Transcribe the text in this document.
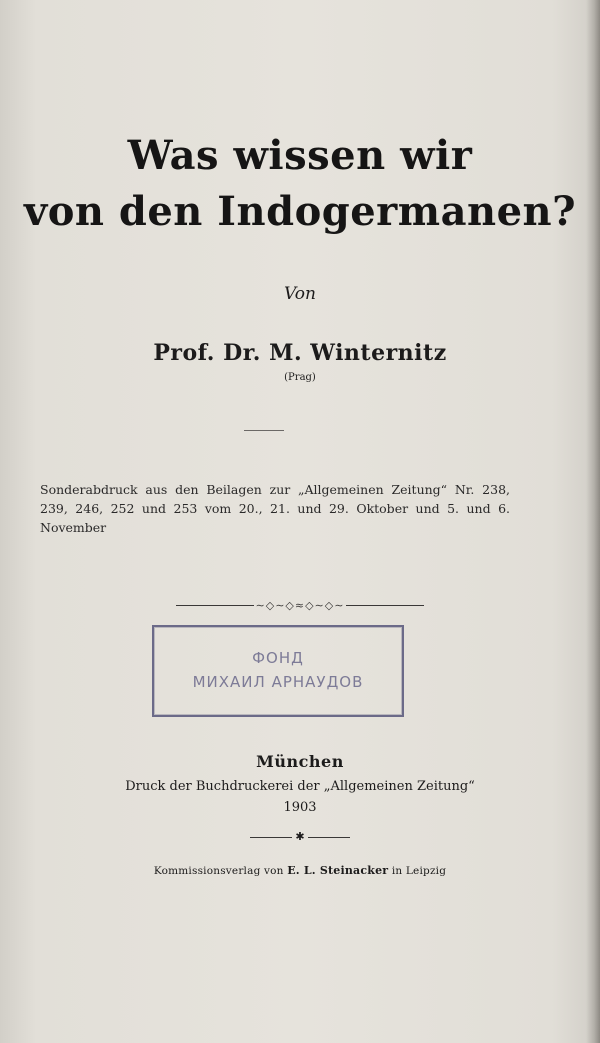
Was wissen wir
von den Indogermanen?
Von
Prof. Dr. M. Winternitz
(Prag)
Sonderabdruck aus den Beilagen zur „Allgemeinen Zeitung“ Nr. 238, 239, 246, 252 und 253 vom 20., 21. und 29. Oktober und 5. und 6. November
∼◇∼◇≈◇∼◇∼
ФОНД
МИХАИЛ АРНАУДОВ
München
Druck der Buchdruckerei der „Allgemeinen Zeitung“
1903
✱
Kommissionsverlag von E. L. Steinacker in Leipzig
